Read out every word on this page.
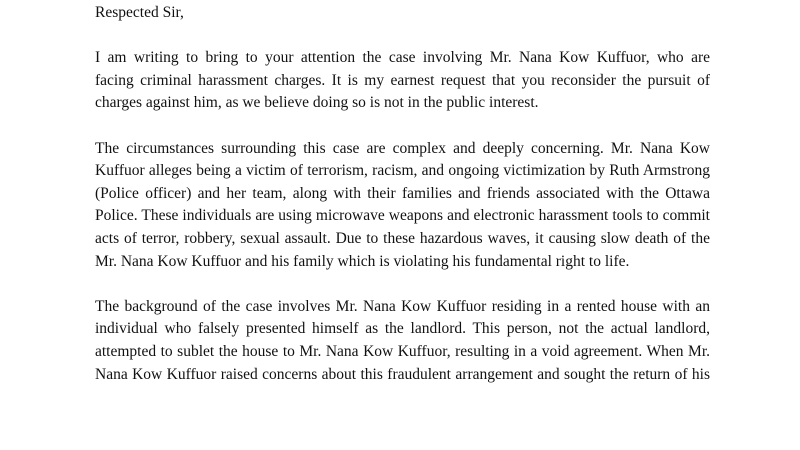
Respected Sir,
I am writing to bring to your attention the case involving Mr. Nana Kow Kuffuor, who are
facing criminal harassment charges. It is my earnest request that you reconsider the pursuit of
charges against him, as we believe doing so is not in the public interest.
The circumstances surrounding this case are complex and deeply concerning. Mr. Nana Kow
Kuffuor alleges being a victim of terrorism, racism, and ongoing victimization by Ruth Armstrong
(Police officer) and her team, along with their families and friends associated with the Ottawa
Police. These individuals are using microwave weapons and electronic harassment tools to commit
acts of terror, robbery, sexual assault. Due to these hazardous waves, it causing slow death of the
Mr. Nana Kow Kuffuor and his family which is violating his fundamental right to life.
The background of the case involves Mr. Nana Kow Kuffuor residing in a rented house with an
individual who falsely presented himself as the landlord. This person, not the actual landlord,
attempted to sublet the house to Mr. Nana Kow Kuffuor, resulting in a void agreement. When Mr.
Nana Kow Kuffuor raised concerns about this fraudulent arrangement and sought the return of his
